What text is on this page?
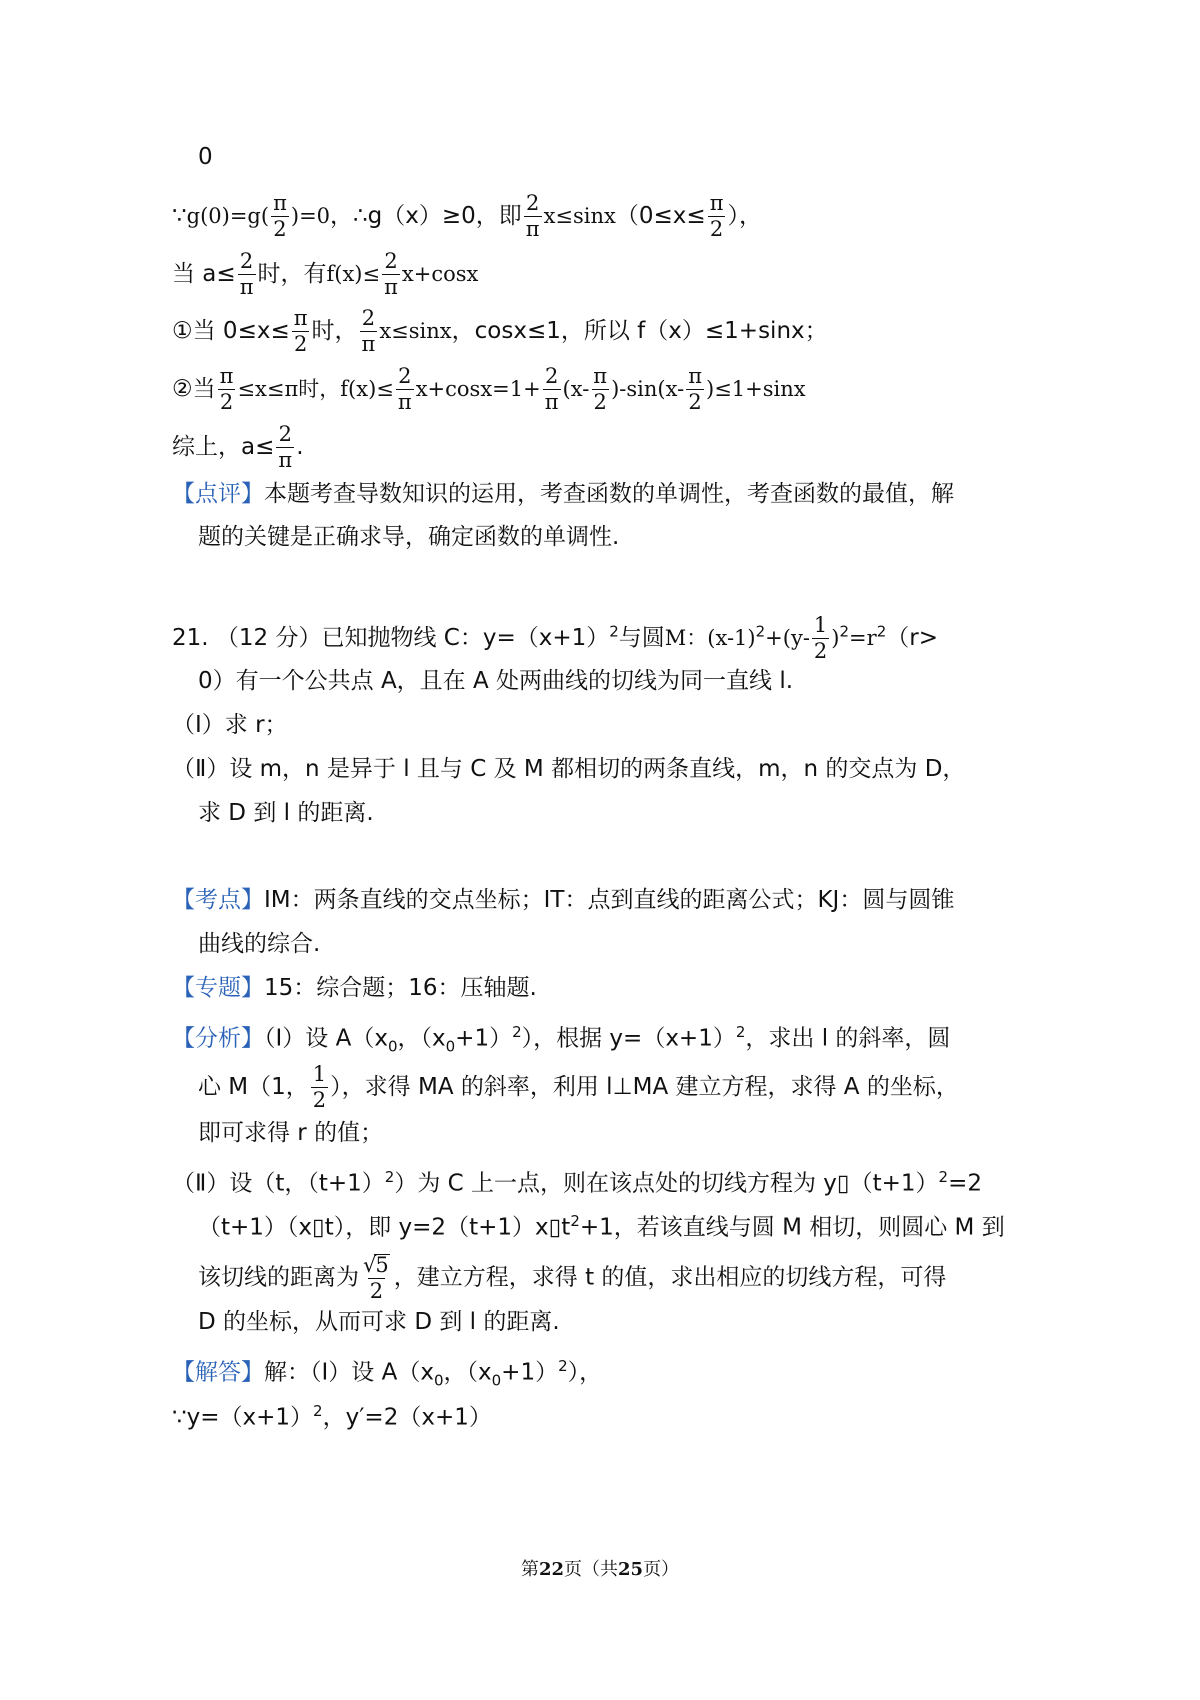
0
∵g(0)=g( $\frac{\pi}{2} )=0$，∴g（x）≥0，即 $\frac{2}{\pi} x\le\sin x(0\le x\le \frac{\pi}{2}$ ），
当 $a\le \frac{2}{\pi}$ 时，有$f(x)\le \frac{2}{\pi} x+\cos x$
①当 $0\le x\le \frac{\pi}{2}$ 时， $\frac{2}{\pi} x\le\sin x$，cosx≤1，所以 f（x）≤1+sinx；
②当 $\frac{\pi}{2} \le x\le\pi$时，$f(x)\le \frac{2}{\pi} x+\cos x=1+ \frac{2}{\pi} (x- \frac{\pi}{2} )-\sin(x- \frac{\pi}{2} )\le 1+\sin x$
综上，$a\le \frac{2}{\pi}$ .
【点评】本题考查导数知识的运用，考查函数的单调性，考查函数的最值，解
题的关键是正确求导，确定函数的单调性.
21. （12 分）已知抛物线 C：$y=(x+1)^2$与圆M：$(x-1)^2+(y- \frac{1}{2} )^2=r^2(r>$
0）有一个公共点 A，且在 A 处两曲线的切线为同一直线 l.
（Ⅰ）求 r；
（Ⅱ）设 m，n 是异于 l 且与 C 及 M 都相切的两条直线，m，n 的交点为 D，
求 D 到 l 的距离.
【考点】IM：两条直线的交点坐标；IT：点到直线的距离公式；KJ：圆与圆锥
曲线的综合.
【专题】15：综合题；16：压轴题.
【分析】（Ⅰ）设 $A(x_0$，$(x_0+1)^2$），根据 $y=(x+1)^2$，求出 l 的斜率，圆
心 M（1， $\frac{1}{2}$ ），求得 MA 的斜率，利用 l⊥MA 建立方程，求得 A 的坐标，
即可求得 r 的值；
（Ⅱ）设（t，$(t+1)^2$）为 C 上一点，则在该点处的切线方程为 $y▯(t+1)^2=2$
（t+1）（x▯t），即 $y=2(t+1)x▯t^2+1$，若该直线与圆 M 相切，则圆心 M 到
该切线的距离为 $\frac{√5}{2}$ ，建立方程，求得 t 的值，求出相应的切线方程，可得
D 的坐标，从而可求 D 到 l 的距离.
【解答】解：（Ⅰ）设 $A(x_0$，$(x_0+1)^2$），
$\because y=(x+1)^2$，y′=2（x+1）
第22页（共25页）
